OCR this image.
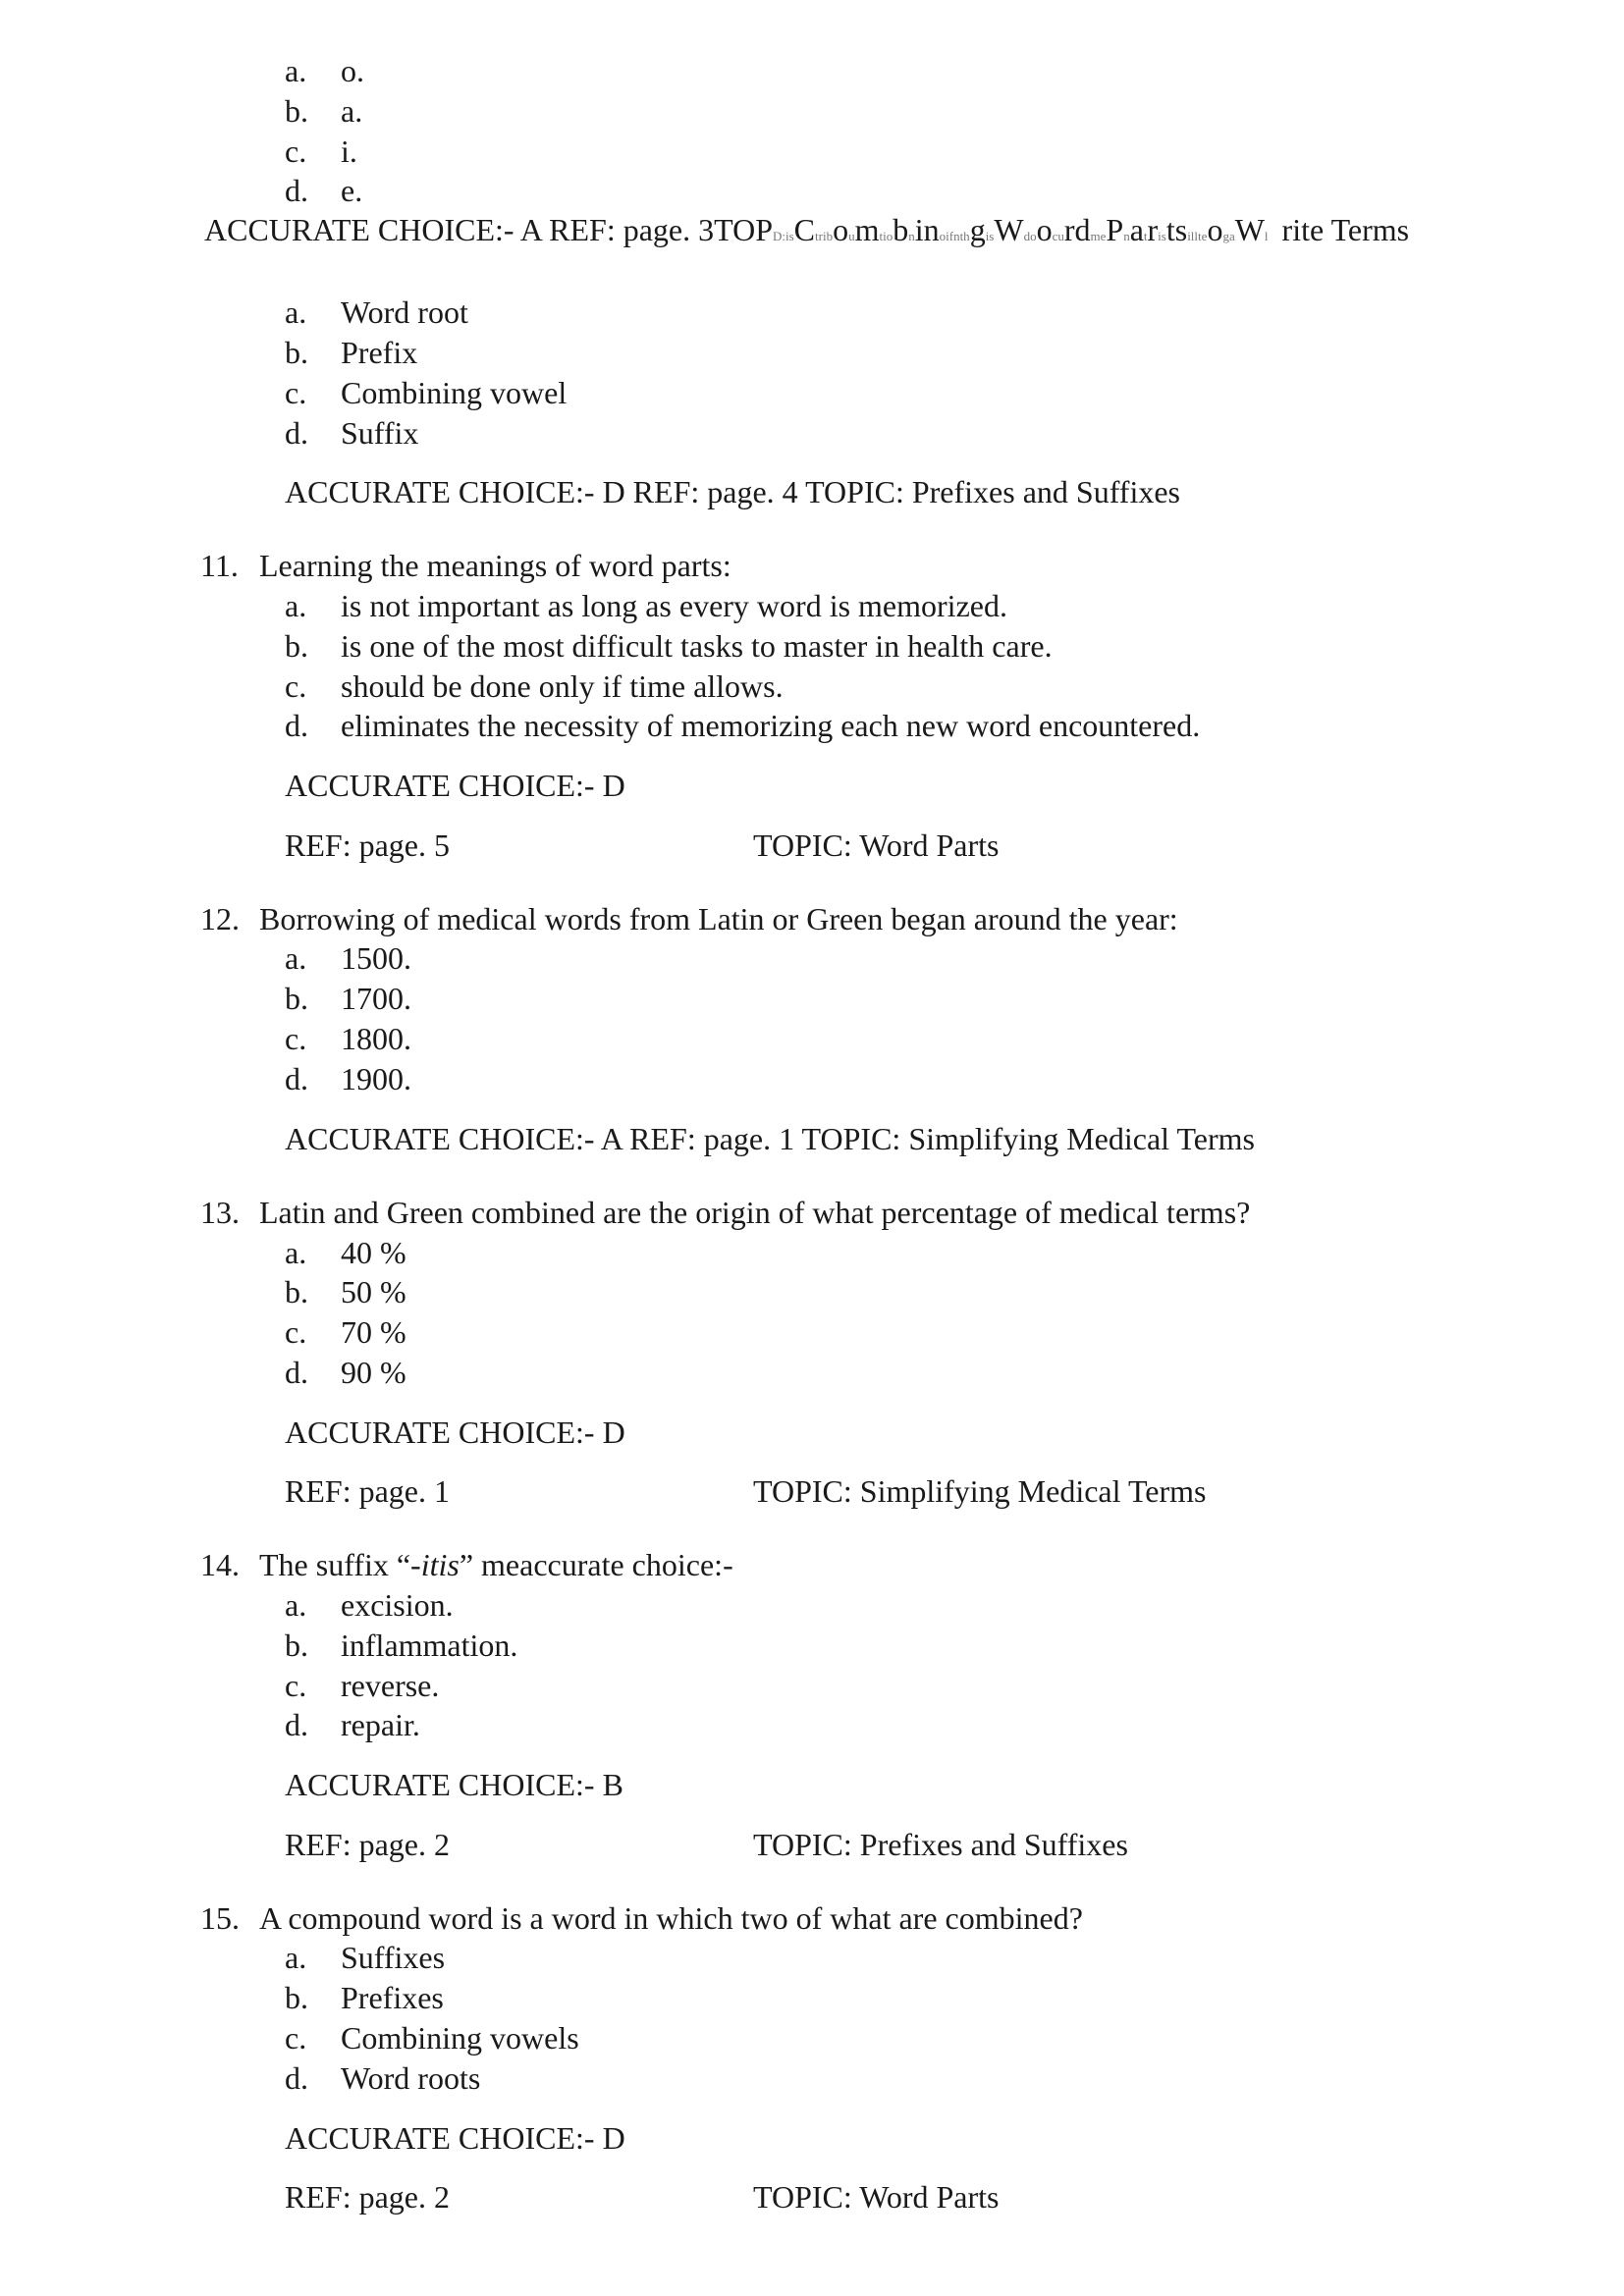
a. o.
b. a.
c. i.
d. e.
ACCURATE CHOICE:- A REF: page. 3TOPD:isCtriboumtiobninoifnthgisWdoocurdmePnatristsillteogaWl rite Terms
a. Word root
b. Prefix
c. Combining vowel
d. Suffix
ACCURATE CHOICE:- D REF: page. 4 TOPIC: Prefixes and Suffixes
11. Learning the meanings of word parts:
a. is not important as long as every word is memorized.
b. is one of the most difficult tasks to master in health care.
c. should be done only if time allows.
d. eliminates the necessity of memorizing each new word encountered.
ACCURATE CHOICE:- D
REF: page. 5	TOPIC: Word Parts
12. Borrowing of medical words from Latin or Green began around the year:
a. 1500.
b. 1700.
c. 1800.
d. 1900.
ACCURATE CHOICE:- A REF: page. 1 TOPIC: Simplifying Medical Terms
13. Latin and Green combined are the origin of what percentage of medical terms?
a. 40 %
b. 50 %
c. 70 %
d. 90 %
ACCURATE CHOICE:- D
REF: page. 1	TOPIC: Simplifying Medical Terms
14. The suffix “-itis” meaccurate choice:-
a. excision.
b. inflammation.
c. reverse.
d. repair.
ACCURATE CHOICE:- B
REF: page. 2	TOPIC: Prefixes and Suffixes
15. A compound word is a word in which two of what are combined?
a. Suffixes
b. Prefixes
c. Combining vowels
d. Word roots
ACCURATE CHOICE:- D
REF: page. 2	TOPIC: Word Parts
